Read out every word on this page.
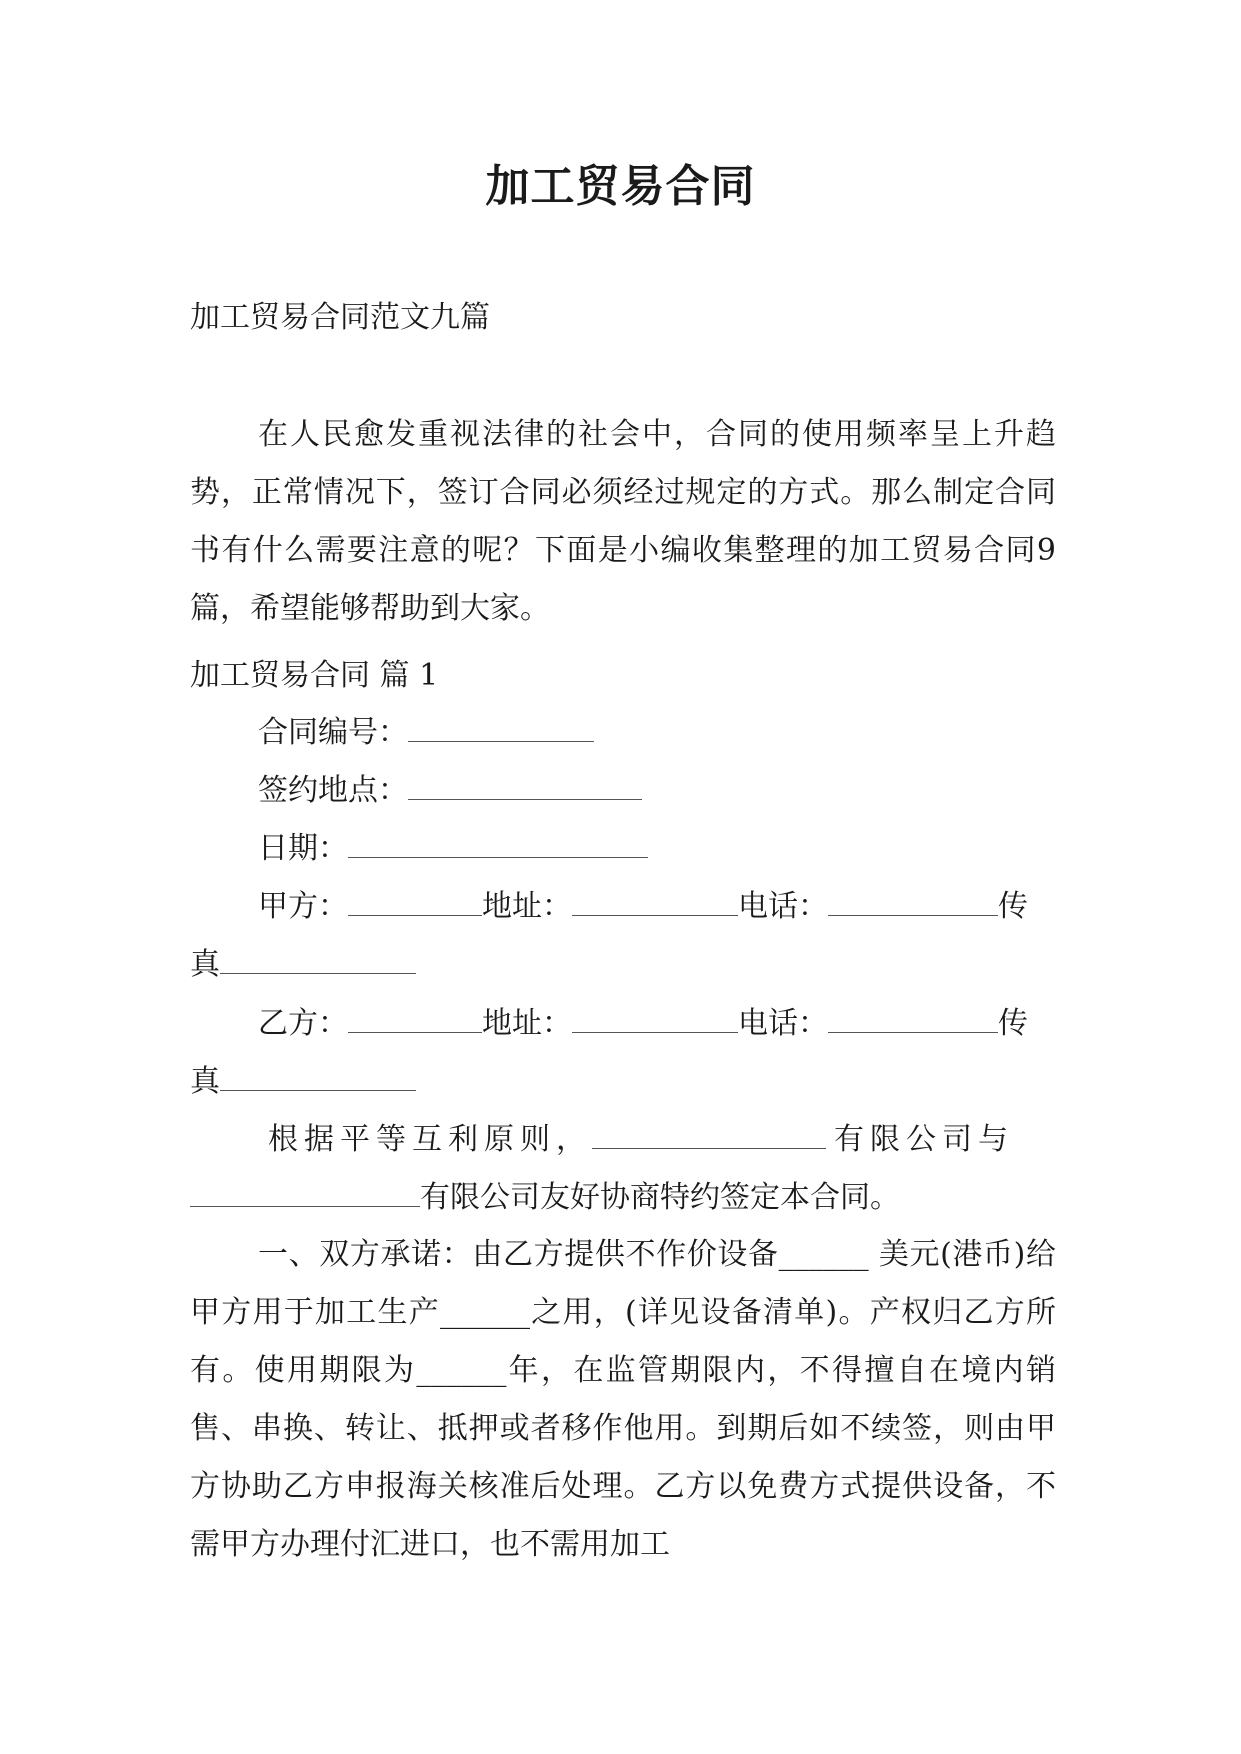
加工贸易合同
加工贸易合同范文九篇
在人民愈发重视法律的社会中，合同的使用频率呈上升趋势，正常情况下，签订合同必须经过规定的方式。那么制定合同书有什么需要注意的呢？下面是小编收集整理的加工贸易合同9篇，希望能够帮助到大家。
加工贸易合同 篇 1
合同编号：
签约地点：
日期：
甲方：	地址：	电话：	传
真
乙方：	地址：	电话：	传
真
根据平等互利原则，	有限公司与
有限公司友好协商特约签定本合同。
一、双方承诺：由乙方提供不作价设备______ 美元(港币)给甲方用于加工生产______之用，(详见设备清单)。产权归乙方所有。使用期限为______年，在监管期限内，不得擅自在境内销售、串换、转让、抵押或者移作他用。到期后如不续签，则由甲方协助乙方申报海关核准后处理。乙方以免费方式提供设备，不需甲方办理付汇进口，也不需用加工
